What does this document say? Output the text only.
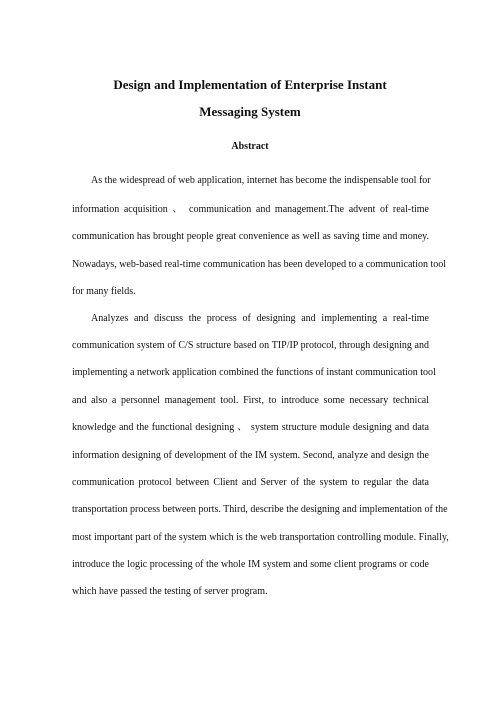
Design and Implementation of Enterprise Instant
Messaging System
Abstract
As the widespread of web application, internet has become the indispensable tool for
information acquisition 、 communication and management.The advent of real-time
communication has brought people great convenience as well as saving time and money.
Nowadays, web-based real-time communication has been developed to a communication tool
for many fields.
Analyzes and discuss the process of designing and implementing a real-time
communication system of C/S structure based on TIP/IP protocol, through designing and
implementing a network application combined the functions of instant communication tool
and also a personnel management tool. First, to introduce some necessary technical
knowledge and the functional designing 、 system structure module designing and data
information designing of development of the IM system. Second, analyze and design the
communication protocol between Client and Server of the system to regular the data
transportation process between ports. Third, describe the designing and implementation of the
most important part of the system which is the web transportation controlling module. Finally,
introduce the logic processing of the whole IM system and some client programs or code
which have passed the testing of server program.
